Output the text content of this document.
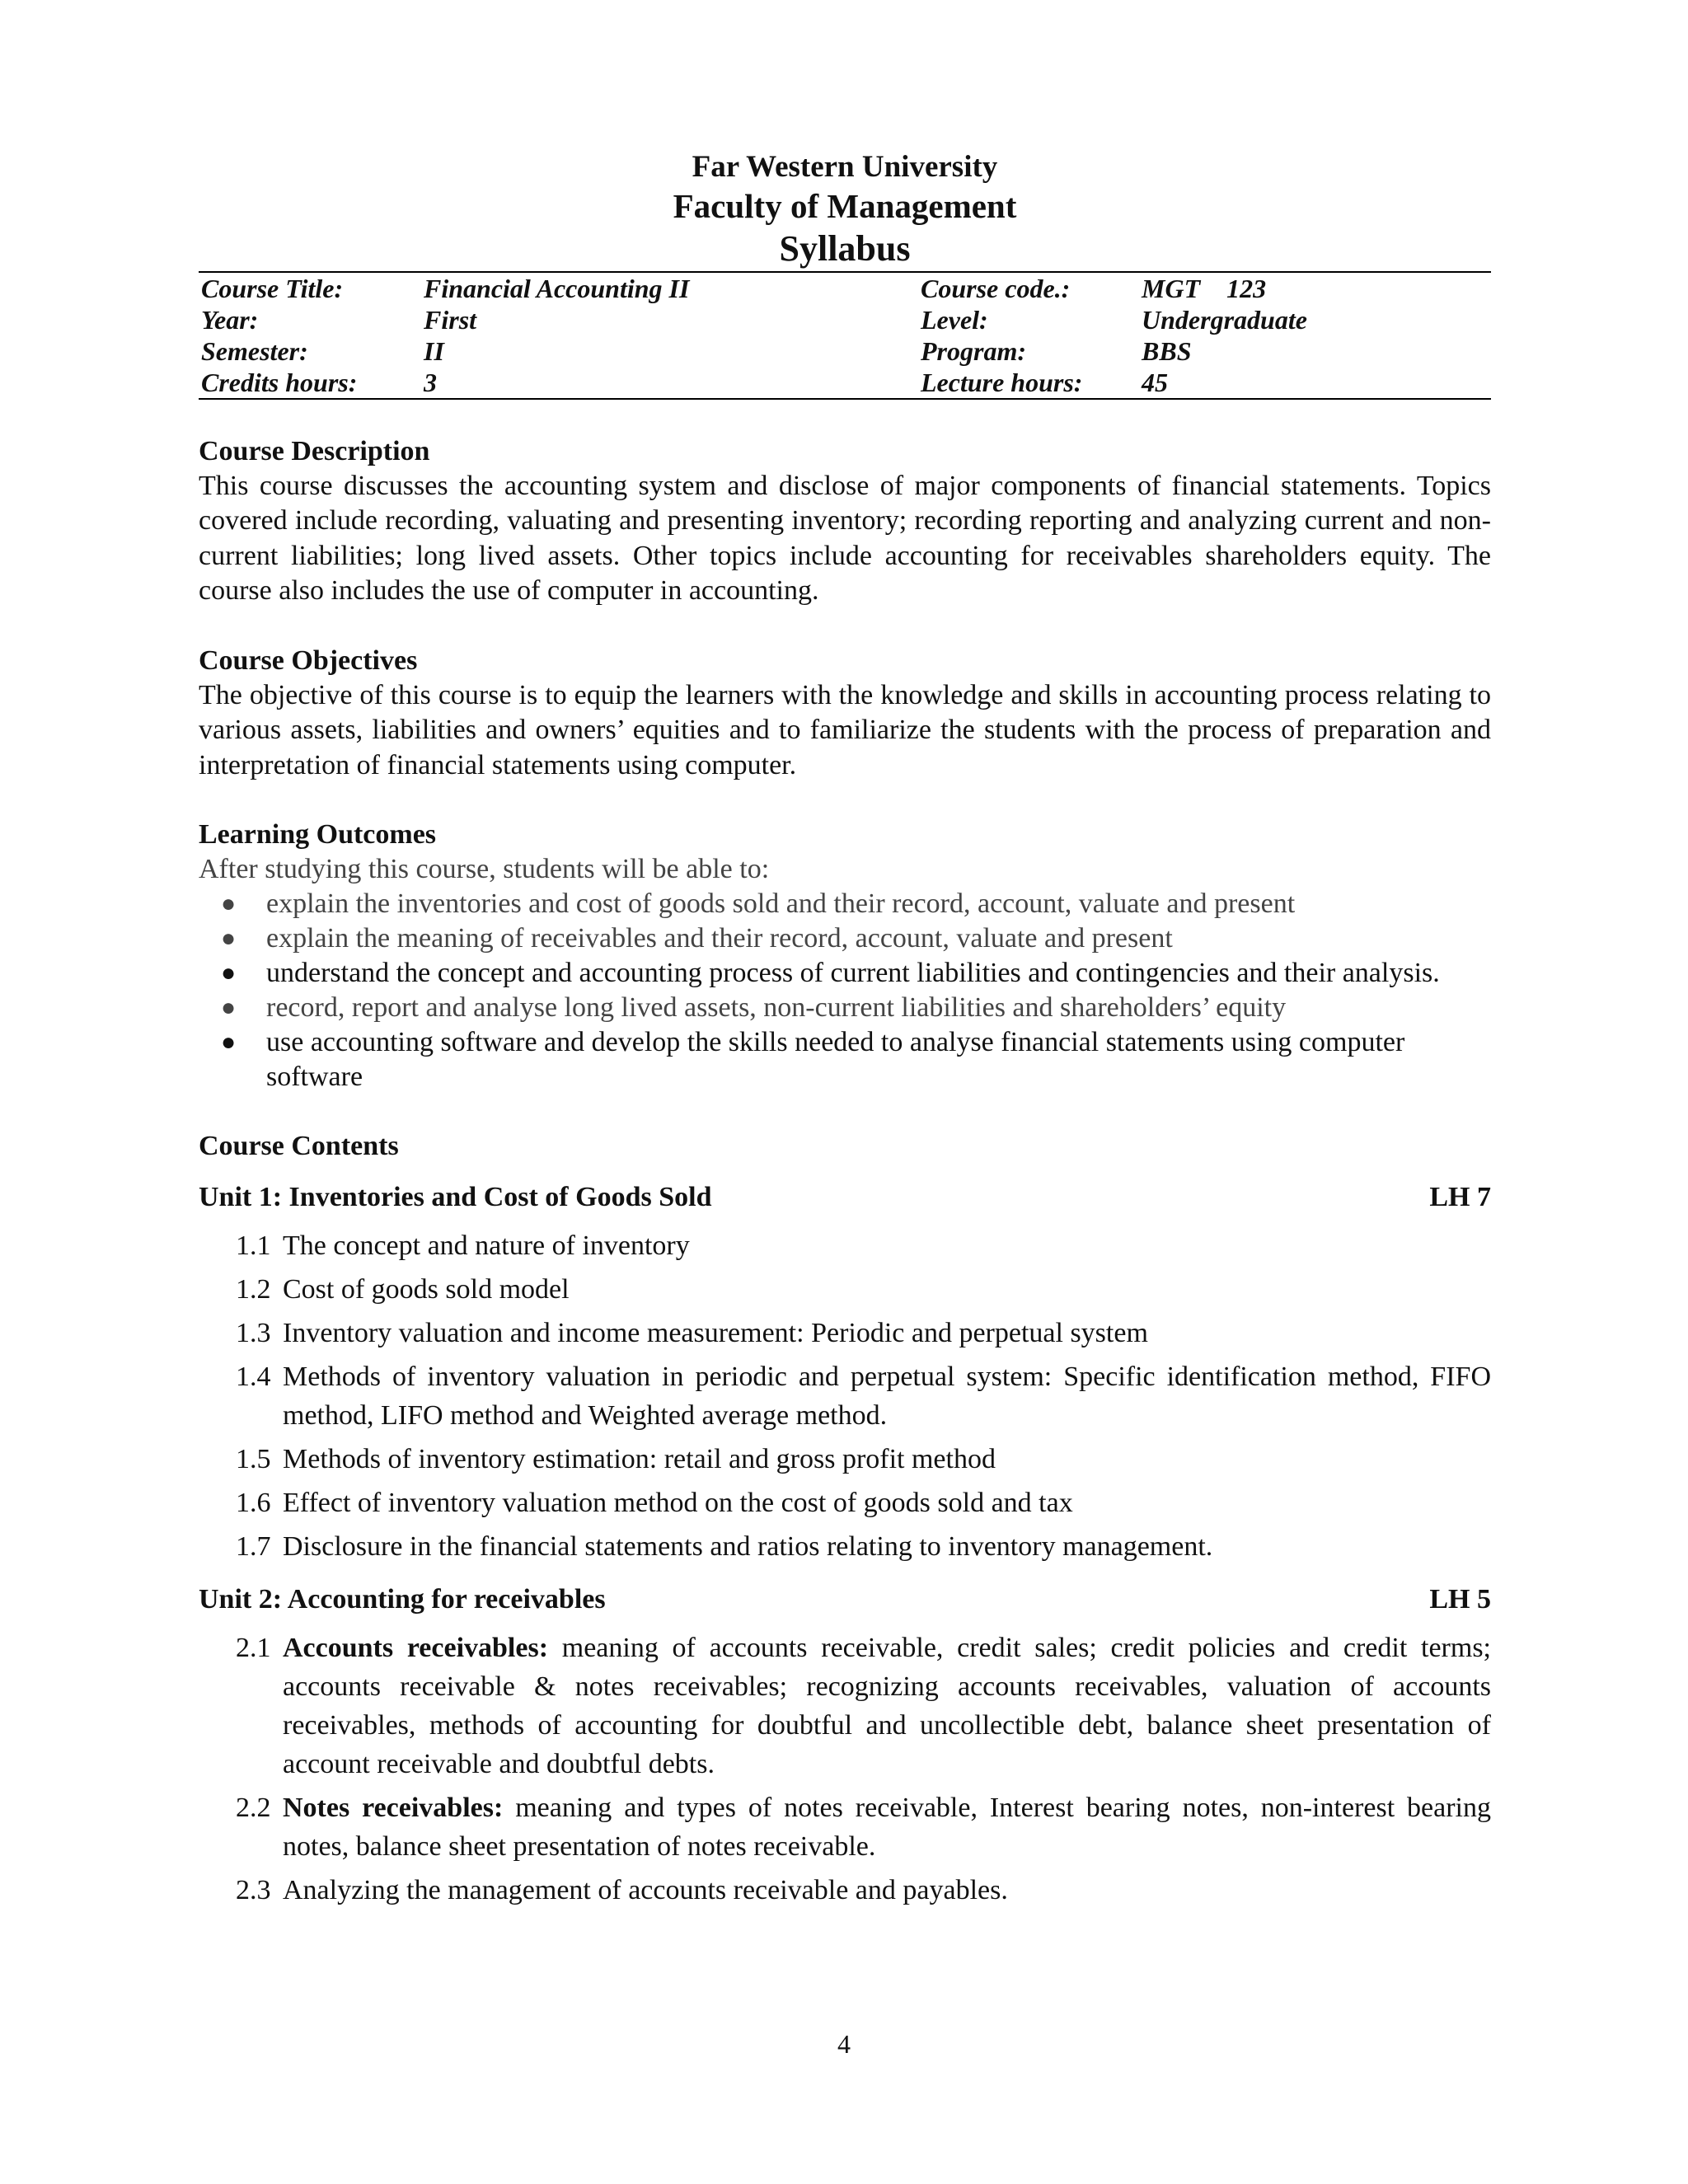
Far Western University
Faculty of Management
Syllabus
Course Title:	Financial Accounting II	Course code.:	MGT    123
Year:	First	Level:	Undergraduate
Semester:	II	Program:	BBS
Credits hours:	3	Lecture hours:	45
Course Description
This course discusses the accounting system and disclose of major components of financial statements. Topics covered include recording, valuating and presenting inventory; recording reporting and analyzing current and non-current liabilities; long lived assets. Other topics include accounting for receivables shareholders equity. The course also includes the use of computer in accounting.
Course Objectives
The objective of this course is to equip the learners with the knowledge and skills in accounting process relating to various assets, liabilities and owners’ equities and to familiarize the students with the process of preparation and interpretation of financial statements using computer.
Learning Outcomes
After studying this course, students will be able to:
● explain the inventories and cost of goods sold and their record, account, valuate and present
● explain the meaning of receivables and their record, account, valuate and present
● understand the concept and accounting process of current liabilities and contingencies and their analysis.
● record, report and analyse long lived assets, non-current liabilities and shareholders’ equity
● use accounting software and develop the skills needed to analyse financial statements using computer software
Course Contents
Unit 1: Inventories and Cost of Goods Sold	LH 7
1.1 The concept and nature of inventory
1.2 Cost of goods sold model
1.3 Inventory valuation and income measurement: Periodic and perpetual system
1.4 Methods of inventory valuation in periodic and perpetual system: Specific identification method, FIFO method, LIFO method and Weighted average method.
1.5 Methods of inventory estimation: retail and gross profit method
1.6 Effect of inventory valuation method on the cost of goods sold and tax
1.7 Disclosure in the financial statements and ratios relating to inventory management.
Unit 2: Accounting for receivables	LH 5
2.1 Accounts receivables: meaning of accounts receivable, credit sales; credit policies and credit terms; accounts receivable & notes receivables; recognizing accounts receivables, valuation of accounts receivables, methods of accounting for doubtful and uncollectible debt, balance sheet presentation of account receivable and doubtful debts.
2.2 Notes receivables: meaning and types of notes receivable, Interest bearing notes, non-interest bearing notes, balance sheet presentation of notes receivable.
2.3 Analyzing the management of accounts receivable and payables.
4
